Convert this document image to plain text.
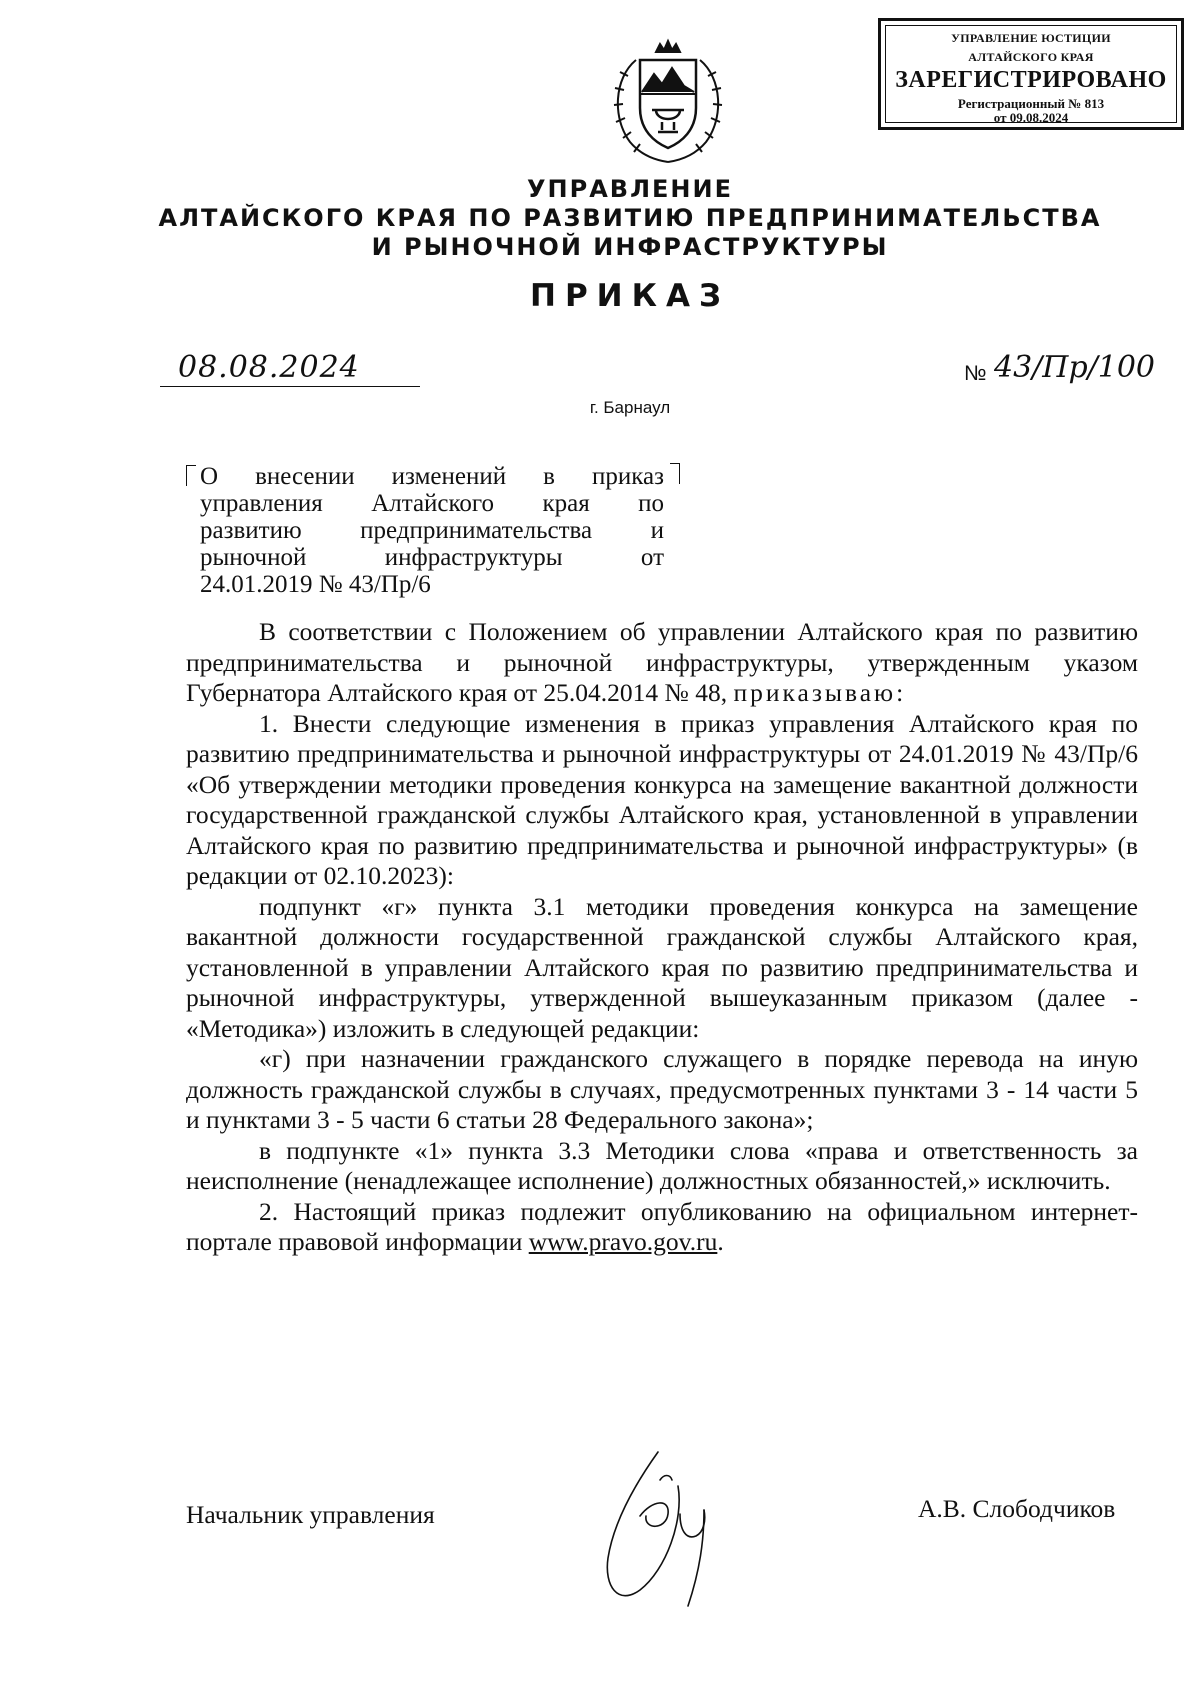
УПРАВЛЕНИЕ ЮСТИЦИИ
АЛТАЙСКОГО КРАЯ
ЗАРЕГИСТРИРОВАНО
Регистрационный № 813
от 09.08.2024
УПРАВЛЕНИЕ
АЛТАЙСКОГО КРАЯ ПО РАЗВИТИЮ ПРЕДПРИНИМАТЕЛЬСТВА
И РЫНОЧНОЙ ИНФРАСТРУКТУРЫ
ПРИКАЗ
08.08.2024	№ 43/Пр/100
г. Барнаул
О внесении изменений в приказ
управления Алтайского края по
развитию предпринимательства и
рыночной инфраструктуры от
24.01.2019 № 43/Пр/6

В соответствии с Положением об управлении Алтайского края по развитию предпринимательства и рыночной инфраструктуры, утвержденным указом Губернатора Алтайского края от 25.04.2014 № 48, приказываю:

1. Внести следующие изменения в приказ управления Алтайского края по развитию предпринимательства и рыночной инфраструктуры от 24.01.2019 № 43/Пр/6 «Об утверждении методики проведения конкурса на замещение вакантной должности государственной гражданской службы Алтайского края, установленной в управлении Алтайского края по развитию предпринимательства и рыночной инфраструктуры» (в редакции от 02.10.2023):

подпункт «г» пункта 3.1 методики проведения конкурса на замещение вакантной должности государственной гражданской службы Алтайского края, установленной в управлении Алтайского края по развитию предпринимательства и рыночной инфраструктуры, утвержденной вышеуказанным приказом (далее - «Методика») изложить в следующей редакции:

«г) при назначении гражданского служащего в порядке перевода на иную должность гражданской службы в случаях, предусмотренных пунктами 3 - 14 части 5 и пунктами 3 - 5 части 6 статьи 28 Федерального закона»;

в подпункте «1» пункта 3.3 Методики слова «права и ответственность за неисполнение (ненадлежащее исполнение) должностных обязанностей,» исключить.

2. Настоящий приказ подлежит опубликованию на официальном интернет-портале правовой информации www.pravo.gov.ru.

Начальник управления	А.В. Слободчиков
